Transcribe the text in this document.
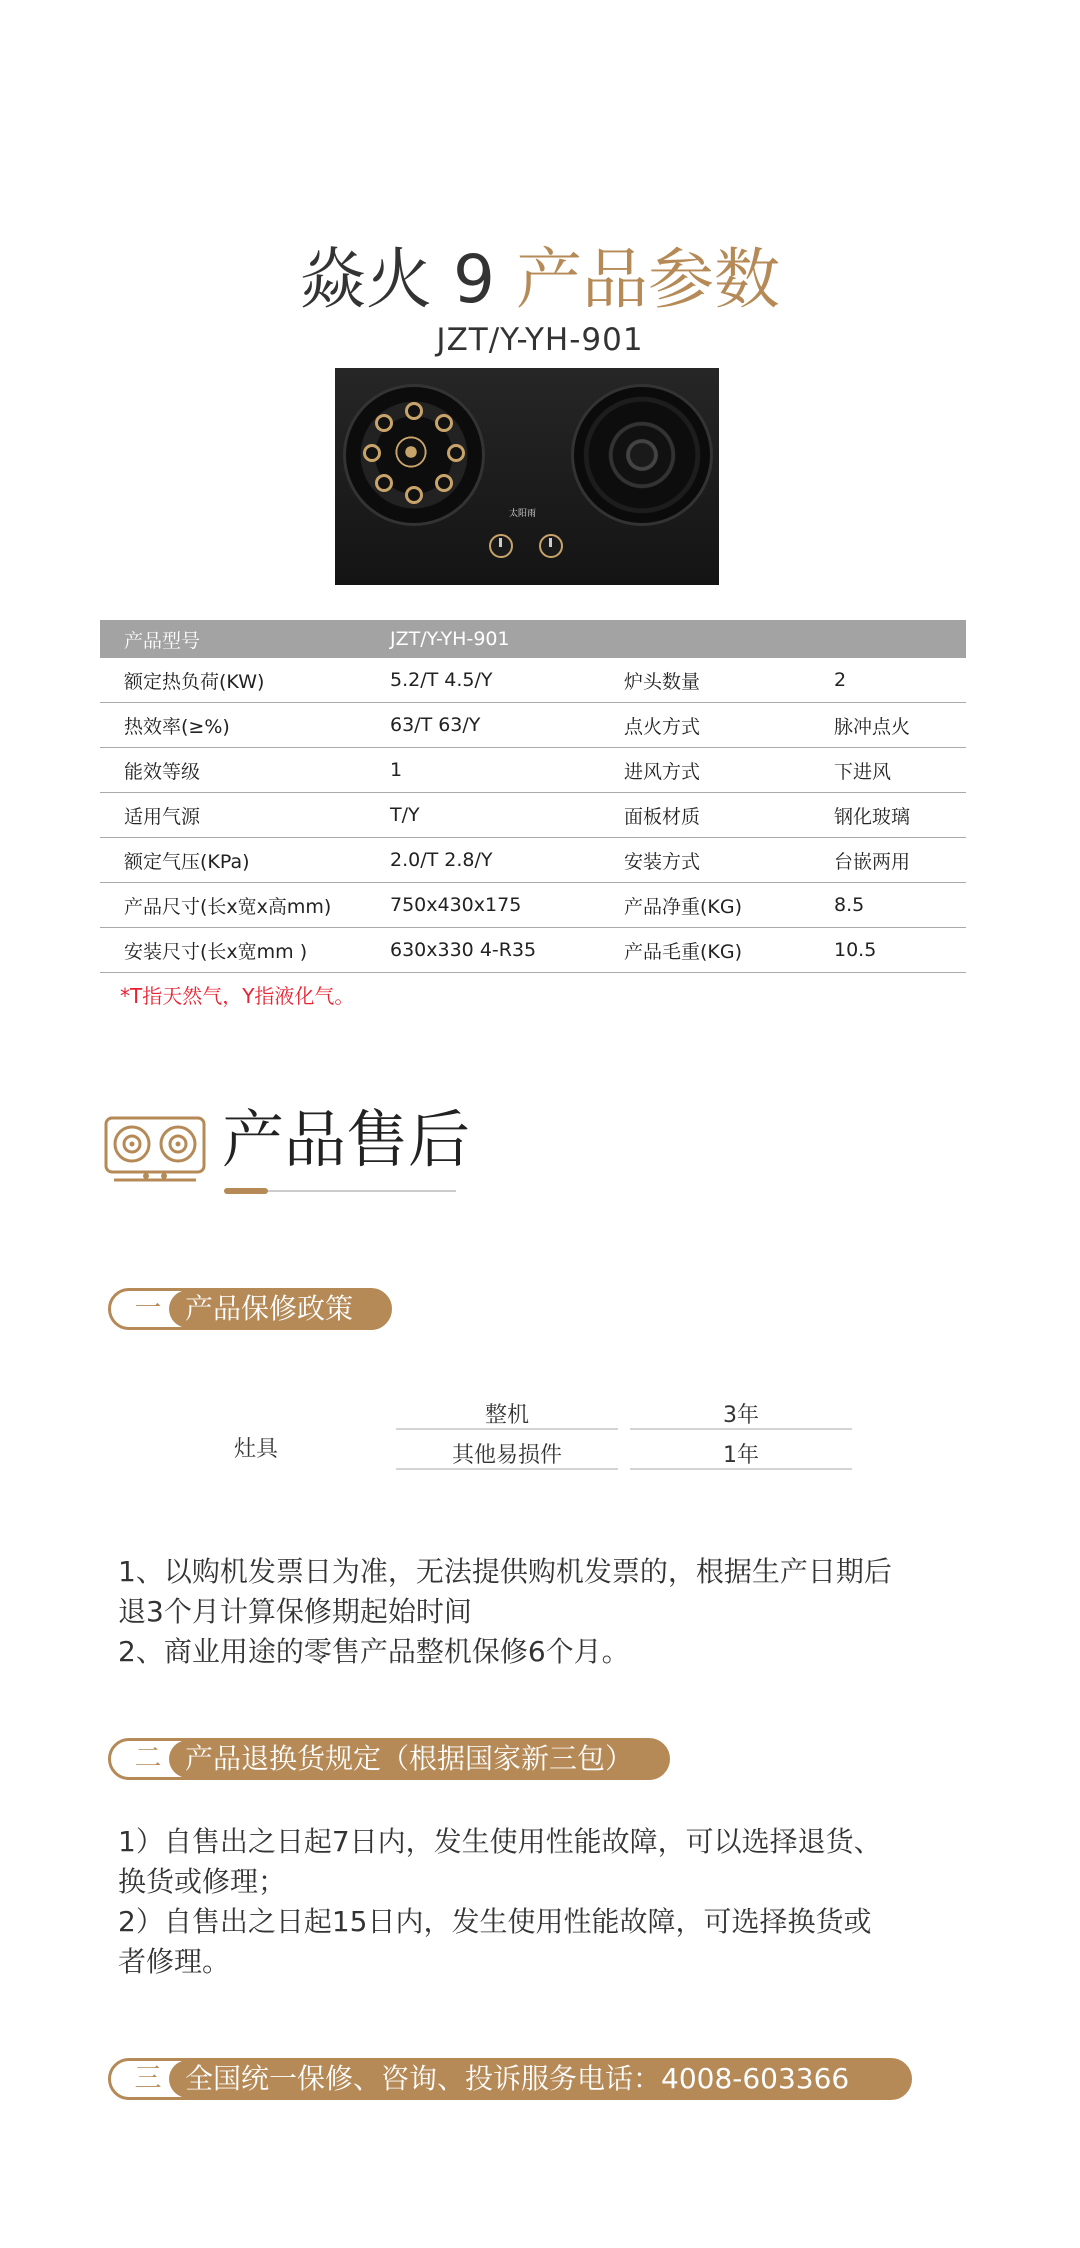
焱火 9 产品参数
JZT/Y-YH-901
太阳雨
产品型号	JZT/Y-YH-901		
额定热负荷(KW)	5.2/T 4.5/Y	炉头数量	2
热效率(≥%)	63/T 63/Y	点火方式	脉冲点火
能效等级	1	进风方式	下进风
适用气源	T/Y	面板材质	钢化玻璃
额定气压(KPa)	2.0/T 2.8/Y	安装方式	台嵌两用
产品尺寸(长x宽x高mm)	750x430x175	产品净重(KG)	8.5
安装尺寸(长x宽mm )	630x330 4-R35	产品毛重(KG)	10.5
*T指天然气，Y指液化气。
产品售后
一 产品保修政策
灶具
整机	3年
其他易损件	1年
1、以购机发票日为准，无法提供购机发票的，根据生产日期后
退3个月计算保修期起始时间
2、商业用途的零售产品整机保修6个月。
二 产品退换货规定（根据国家新三包）
1）自售出之日起7日内，发生使用性能故障，可以选择退货、
换货或修理；
2）自售出之日起15日内，发生使用性能故障，可选择换货或
者修理。
三 全国统一保修、咨询、投诉服务电话：4008-603366
